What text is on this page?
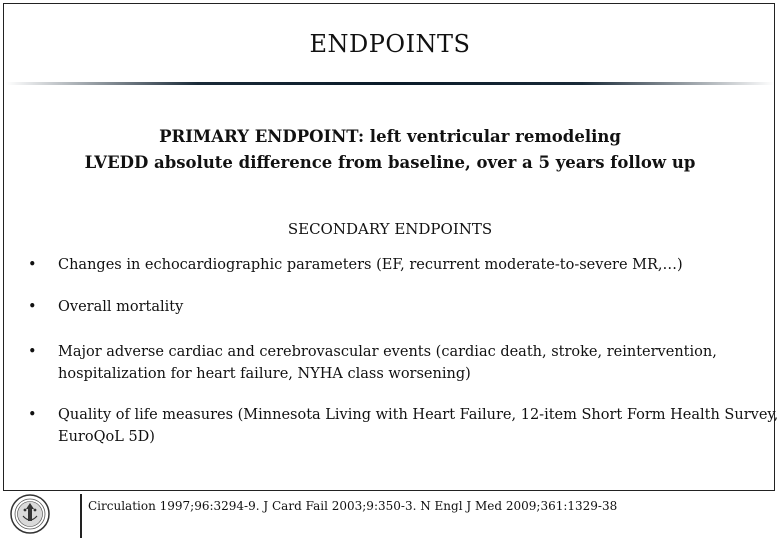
ENDPOINTS
PRIMARY ENDPOINT: left ventricular remodeling
LVEDD absolute difference from baseline, over a 5 years follow up
SECONDARY ENDPOINTS
• Changes in echocardiographic parameters (EF, recurrent moderate-to-severe MR,…)
• Overall mortality
• Major adverse cardiac and cerebrovascular events (cardiac death, stroke, reintervention, hospitalization for heart failure, NYHA class worsening)
• Quality of life measures (Minnesota Living with Heart Failure, 12-item Short Form Health Survey, EuroQoL 5D)
Circulation 1997;96:3294-9. J Card Fail 2003;9:350-3. N Engl J Med 2009;361:1329-38
